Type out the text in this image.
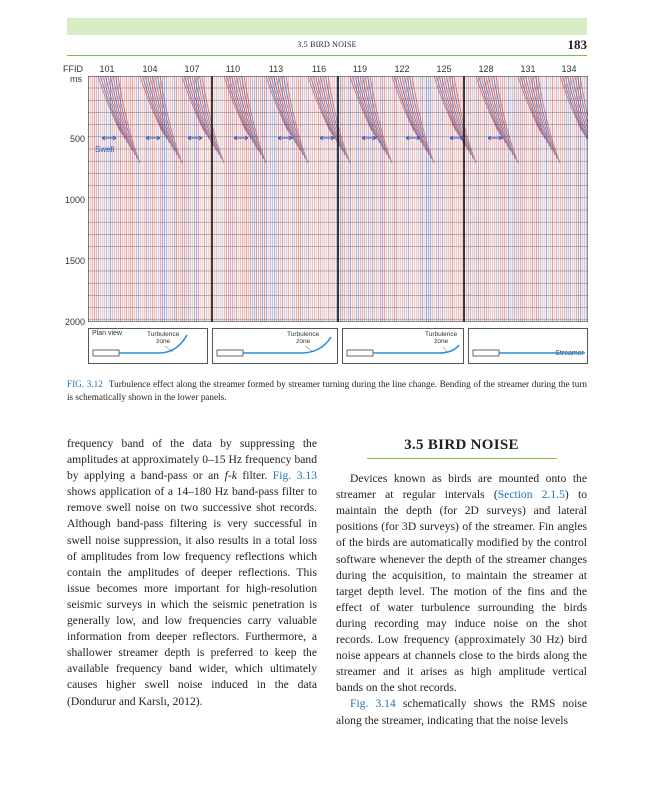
3.5 BIRD NOISE	183
FFID
ms
101	104	107	110	113	116	119	122	125	128	131	134
500
1000
1500
2000
Swell
Plan view	Turbulence
zone
Turbulence
zone
Turbulence
zone
Streamer
FIG. 3.12 Turbulence effect along the streamer formed by streamer turning during the line change. Bending of the streamer during the turn is schematically shown in the lower panels.

frequency band of the data by suppressing the amplitudes at approximately 0–15 Hz frequency band by applying a band-pass or an f-k filter. Fig. 3.13 shows application of a 14–180 Hz band-pass filter to remove swell noise on two successive shot records. Although band-pass filtering is very successful in swell noise suppression, it also results in a total loss of amplitudes from low frequency reflections which contain the amplitudes of deeper reflections. This issue becomes more important for high-resolution seismic surveys in which the seismic penetration is generally low, and low frequencies carry valuable information from deeper reflectors. Furthermore, a shallower streamer depth is preferred to keep the available frequency band wider, which ultimately causes higher swell noise induced in the data (Dondurur and Karslı, 2012).

3.5 BIRD NOISE

Devices known as birds are mounted onto the streamer at regular intervals (Section 2.1.5) to maintain the depth (for 2D surveys) and lateral positions (for 3D surveys) of the streamer. Fin angles of the birds are automatically modified by the control software whenever the depth of the streamer changes during the acquisition, to maintain the streamer at target depth level. The motion of the fins and the effect of water turbulence surrounding the birds during recording may induce noise on the shot records. Low frequency (approximately 30 Hz) bird noise appears at channels close to the birds along the streamer and it arises as high amplitude vertical bands on the shot records.

Fig. 3.14 schematically shows the RMS noise along the streamer, indicating that the noise levels
